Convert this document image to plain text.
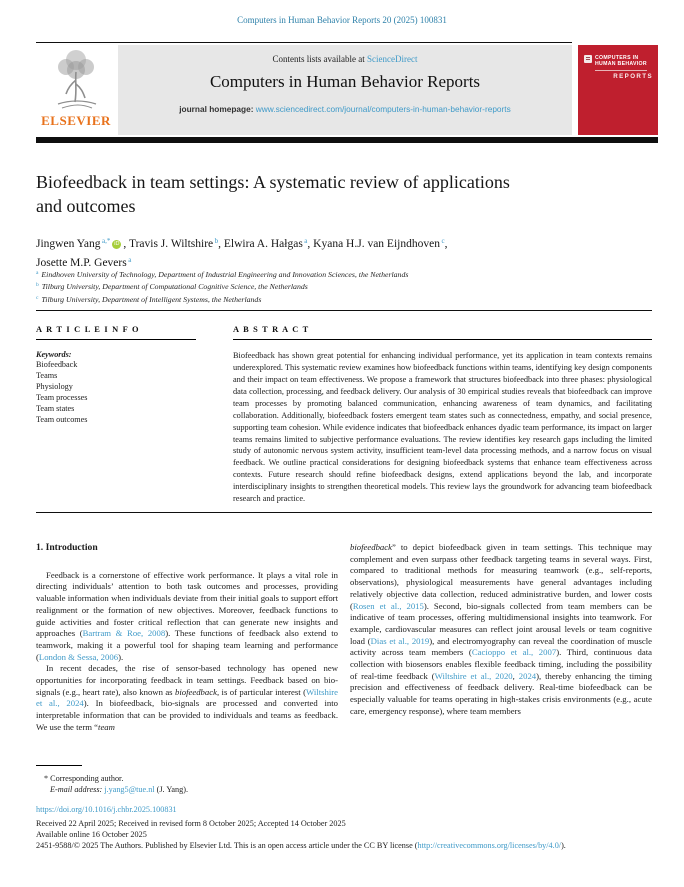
Computers in Human Behavior Reports 20 (2025) 100831
ELSEVIER
Contents lists available at ScienceDirect
Computers in Human Behavior Reports
journal homepage: www.sciencedirect.com/journal/computers-in-human-behavior-reports
COMPUTERS IN
HUMAN BEHAVIOR
REPORTS
Biofeedback in team settings: A systematic review of applications
and outcomes
Jingwen Yang $^{a,*}$ iD , Travis J. Wiltshire $^b$, Elwira A. Hałgas $^a$, Kyana H.J. van Eijndhoven $^c$,
Josette M.P. Gevers $^a$
$^a$ Eindhoven University of Technology, Department of Industrial Engineering and Innovation Sciences, the Netherlands
$^b$ Tilburg University, Department of Computational Cognitive Science, the Netherlands
$^c$ Tilburg University, Department of Intelligent Systems, the Netherlands
A R T I C L E I N F O
Keywords:
Biofeedback
Teams
Physiology
Team processes
Team states
Team outcomes
A B S T R A C T
Biofeedback has shown great potential for enhancing individual performance, yet its application in team contexts remains underexplored. This systematic review examines how biofeedback functions within teams, identifying key design components and their impact on team effectiveness. We propose a framework that structures biofeedback into three phases: physiological data collection, processing, and feedback delivery. Our analysis of 30 empirical studies reveals that biofeedback can improve team processes by promoting balanced communication, enhancing awareness of team dynamics, and facilitating collaboration. Additionally, biofeedback fosters emergent team states such as connectedness, empathy, and social presence, supporting team cohesion. While evidence indicates that biofeedback enhances dyadic team performance, its impact on larger teams remains limited to subjective performance evaluations. The review identifies key research gaps including the limited study of autonomic nervous system activity, insufficient team-level data processing methods, and a narrow focus on visual feedback. We outline practical considerations for designing biofeedback systems that enhance team effectiveness across contexts. Future research should refine biofeedback designs, extend applications beyond the lab, and incorporate interdisciplinary insights to strengthen theoretical models. This review lays the groundwork for advancing team biofeedback research and practice.
1. Introduction
Feedback is a cornerstone of effective work performance. It plays a vital role in directing individuals’ attention to both task outcomes and processes, providing valuable information when individuals deviate from their initial goals to support effort realignment or the formation of new objectives. Moreover, feedback functions to guide activities and foster critical reflection that can generate new insights and approaches (Bartram & Roe, 2008). These functions of feedback also extend to teamwork, making it a powerful tool for shaping team learning and performance (London & Sessa, 2006).
In recent decades, the rise of sensor-based technology has opened new opportunities for incorporating feedback in team settings. Feedback based on bio-signals (e.g., heart rate), also known as biofeedback, is of particular interest (Wiltshire et al., 2024). In biofeedback, bio-signals are processed and converted into interpretable information that can be provided to individuals and teams as feedback. We use the term “team
biofeedback” to depict biofeedback given in team settings. This technique may complement and even surpass other feedback targeting teams in several ways. First, compared to traditional methods for measuring teamwork (e.g., self-reports, observations), physiological measurements have general advantages including relatively objective data collection, reduced administrative burden, and lower costs (Rosen et al., 2015). Second, bio-signals collected from team members can be indicative of team processes, offering multidimensional insights into teamwork. For example, cardiovascular measures can reflect joint arousal levels or team cognitive load (Dias et al., 2019), and electromyography can reveal the coordination of muscle activity across team members (Cacioppo et al., 2007). Third, continuous data collection with biosensors enables flexible feedback timing, including the possibility of real-time feedback (Wiltshire et al., 2020, 2024), thereby enhancing the timing precision and effectiveness of feedback delivery. Real-time biofeedback can be especially valuable for teams operating in high-stakes crisis environments (e.g., acute care, emergency response), where team members
* Corresponding author.
E-mail address: j.yang5@tue.nl (J. Yang).
https://doi.org/10.1016/j.chbr.2025.100831
Received 22 April 2025; Received in revised form 8 October 2025; Accepted 14 October 2025
Available online 16 October 2025
2451-9588/© 2025 The Authors. Published by Elsevier Ltd. This is an open access article under the CC BY license (http://creativecommons.org/licenses/by/4.0/).
